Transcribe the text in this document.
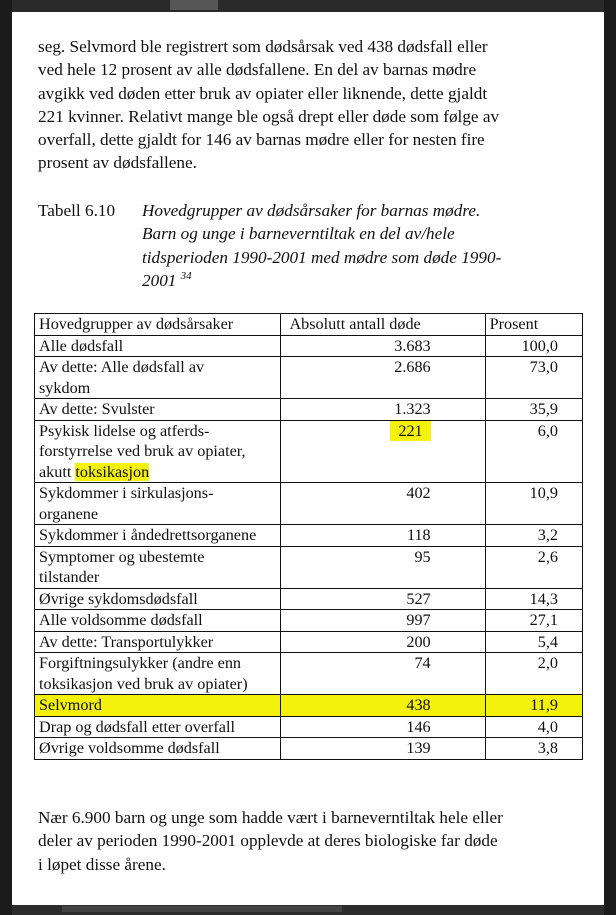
seg. Selvmord ble registrert som dødsårsak ved 438 dødsfall eller
ved hele 12 prosent av alle dødsfallene. En del av barnas mødre
avgikk ved døden etter bruk av opiater eller liknende, dette gjaldt
221 kvinner. Relativt mange ble også drept eller døde som følge av
overfall, dette gjaldt for 146 av barnas mødre eller for nesten fire
prosent av dødsfallene.

Tabell 6.10	Hovedgrupper av dødsårsaker for barnas mødre.
Barn og unge i barneverntiltak en del av/hele
tidsperioden 1990-2001 med mødre som døde 1990-
2001 $^{34}$
Hovedgrupper av dødsårsaker	Absolutt antall døde	Prosent
Alle dødsfall	3.683	100,0
Av dette: Alle dødsfall av
sykdom	2.686	73,0
Av dette: Svulster	1.323	35,9
Psykisk lidelse og atferds-
forstyrrelse ved bruk av opiater,
akutt toksikasjon	221	6,0
Sykdommer i sirkulasjons-
organene	402	10,9
Sykdommer i åndedrettsorganene	118	3,2
Symptomer og ubestemte
tilstander	95	2,6
Øvrige sykdomsdødsfall	527	14,3
Alle voldsomme dødsfall	997	27,1
Av dette: Transportulykker	200	5,4
Forgiftningsulykker (andre enn
toksikasjon ved bruk av opiater)	74	2,0
Selvmord	438	11,9
Drap og dødsfall etter overfall	146	4,0
Øvrige voldsomme dødsfall	139	3,8

Nær 6.900 barn og unge som hadde vært i barneverntiltak hele eller
deler av perioden 1990-2001 opplevde at deres biologiske far døde
i løpet disse årene.
